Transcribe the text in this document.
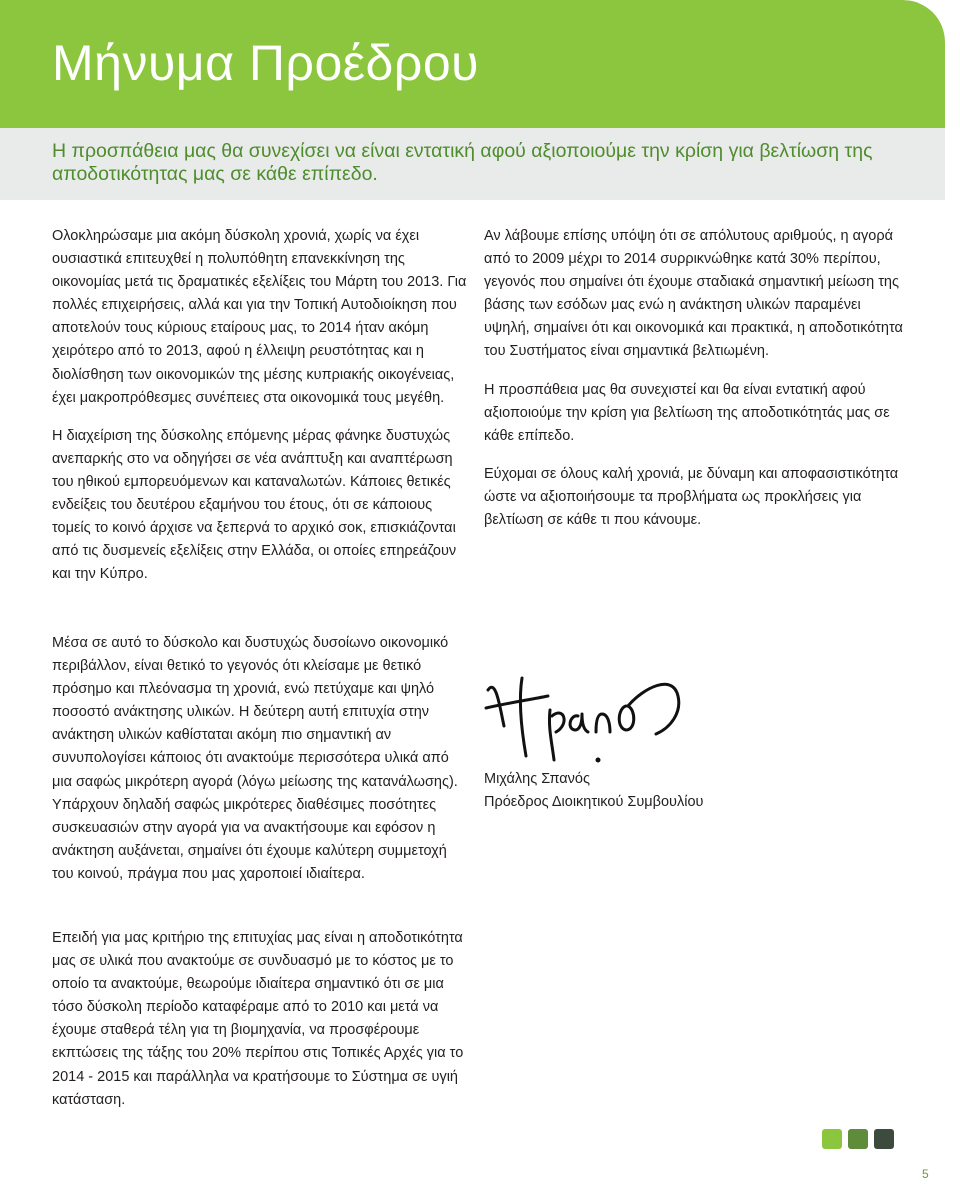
Μήνυμα Προέδρου
Η προσπάθεια μας θα συνεχίσει να είναι εντατική αφού αξιοποιούμε την κρίση για βελτίωση της αποδοτικότητας μας σε κάθε επίπεδο.

Ολοκληρώσαμε μια ακόμη δύσκολη χρονιά, χωρίς να έχει ουσιαστικά επιτευχθεί η πολυπόθητη επανεκκίνηση της οικονομίας μετά τις δραματικές εξελίξεις του Μάρτη του 2013. Για πολλές επιχειρήσεις, αλλά και για την Τοπική Αυτοδιοίκηση που αποτελούν τους κύριους εταίρους μας, το 2014 ήταν ακόμη χειρότερο από το 2013, αφού η έλλειψη ρευστότητας και η διολίσθηση των οικονομικών της μέσης κυπριακής οικογένειας, έχει μακροπρόθεσμες συνέπειες στα οικονομικά τους μεγέθη.

Η διαχείριση της δύσκολης επόμενης μέρας φάνηκε δυστυχώς ανεπαρκής στο να οδηγήσει σε νέα ανάπτυξη και αναπτέρωση του ηθικού εμπορευόμενων και καταναλωτών. Κάποιες θετικές ενδείξεις του δευτέρου εξαμήνου του έτους, ότι σε κάποιους τομείς το κοινό άρχισε να ξεπερνά το αρχικό σοκ, επισκιάζονται από τις δυσμενείς εξελίξεις στην Ελλάδα, οι οποίες επηρεάζουν και την Κύπρο.

Αν λάβουμε επίσης υπόψη ότι σε απόλυτους αριθμούς, η αγορά από το 2009 μέχρι το 2014 συρρικνώθηκε κατά 30% περίπου, γεγονός που σημαίνει ότι έχουμε σταδιακά σημαντική μείωση της βάσης των εσόδων μας ενώ η ανάκτηση υλικών παραμένει υψηλή, σημαίνει ότι και οικονομικά και πρακτικά, η αποδοτικότητα του Συστήματος είναι σημαντικά βελτιωμένη.

Η προσπάθεια μας θα συνεχιστεί και θα είναι εντατική αφού αξιοποιούμε την κρίση για βελτίωση της αποδοτικότητάς μας σε κάθε επίπεδο.

Εύχομαι σε όλους καλή χρονιά, με δύναμη και αποφασιστικότητα ώστε να αξιοποιήσουμε τα προβλήματα ως προκλήσεις για βελτίωση σε κάθε τι που κάνουμε.

Μέσα σε αυτό το δύσκολο και δυστυχώς δυσοίωνο οικονομικό περιβάλλον, είναι θετικό το γεγονός ότι κλείσαμε με θετικό πρόσημο και πλεόνασμα τη χρονιά, ενώ πετύχαμε και ψηλό ποσοστό ανάκτησης υλικών. Η δεύτερη αυτή επιτυχία στην ανάκτηση υλικών καθίσταται ακόμη πιο σημαντική αν συνυπολογίσει κάποιος ότι ανακτούμε περισσότερα υλικά από μια σαφώς μικρότερη αγορά (λόγω μείωσης της κατανάλωσης). Υπάρχουν δηλαδή σαφώς μικρότερες διαθέσιμες ποσότητες συσκευασιών στην αγορά για να ανακτήσουμε και εφόσον η ανάκτηση αυξάνεται, σημαίνει ότι έχουμε καλύτερη συμμετοχή του κοινού, πράγμα που μας χαροποιεί ιδιαίτερα.

Επειδή για μας κριτήριο της επιτυχίας μας είναι η αποδοτικότητα μας σε υλικά που ανακτούμε σε συνδυασμό με το κόστος με το οποίο τα ανακτούμε, θεωρούμε ιδιαίτερα σημαντικό ότι σε μια τόσο δύσκολη περίοδο καταφέραμε από το 2010 και μετά να έχουμε σταθερά τέλη για τη βιομηχανία, να προσφέρουμε εκπτώσεις της τάξης του 20% περίπου στις Τοπικές Αρχές για το 2014 - 2015 και παράλληλα να κρατήσουμε το Σύστημα σε υγιή κατάσταση.

Μιχάλης Σπανός
Πρόεδρος Διοικητικού Συμβουλίου
5
